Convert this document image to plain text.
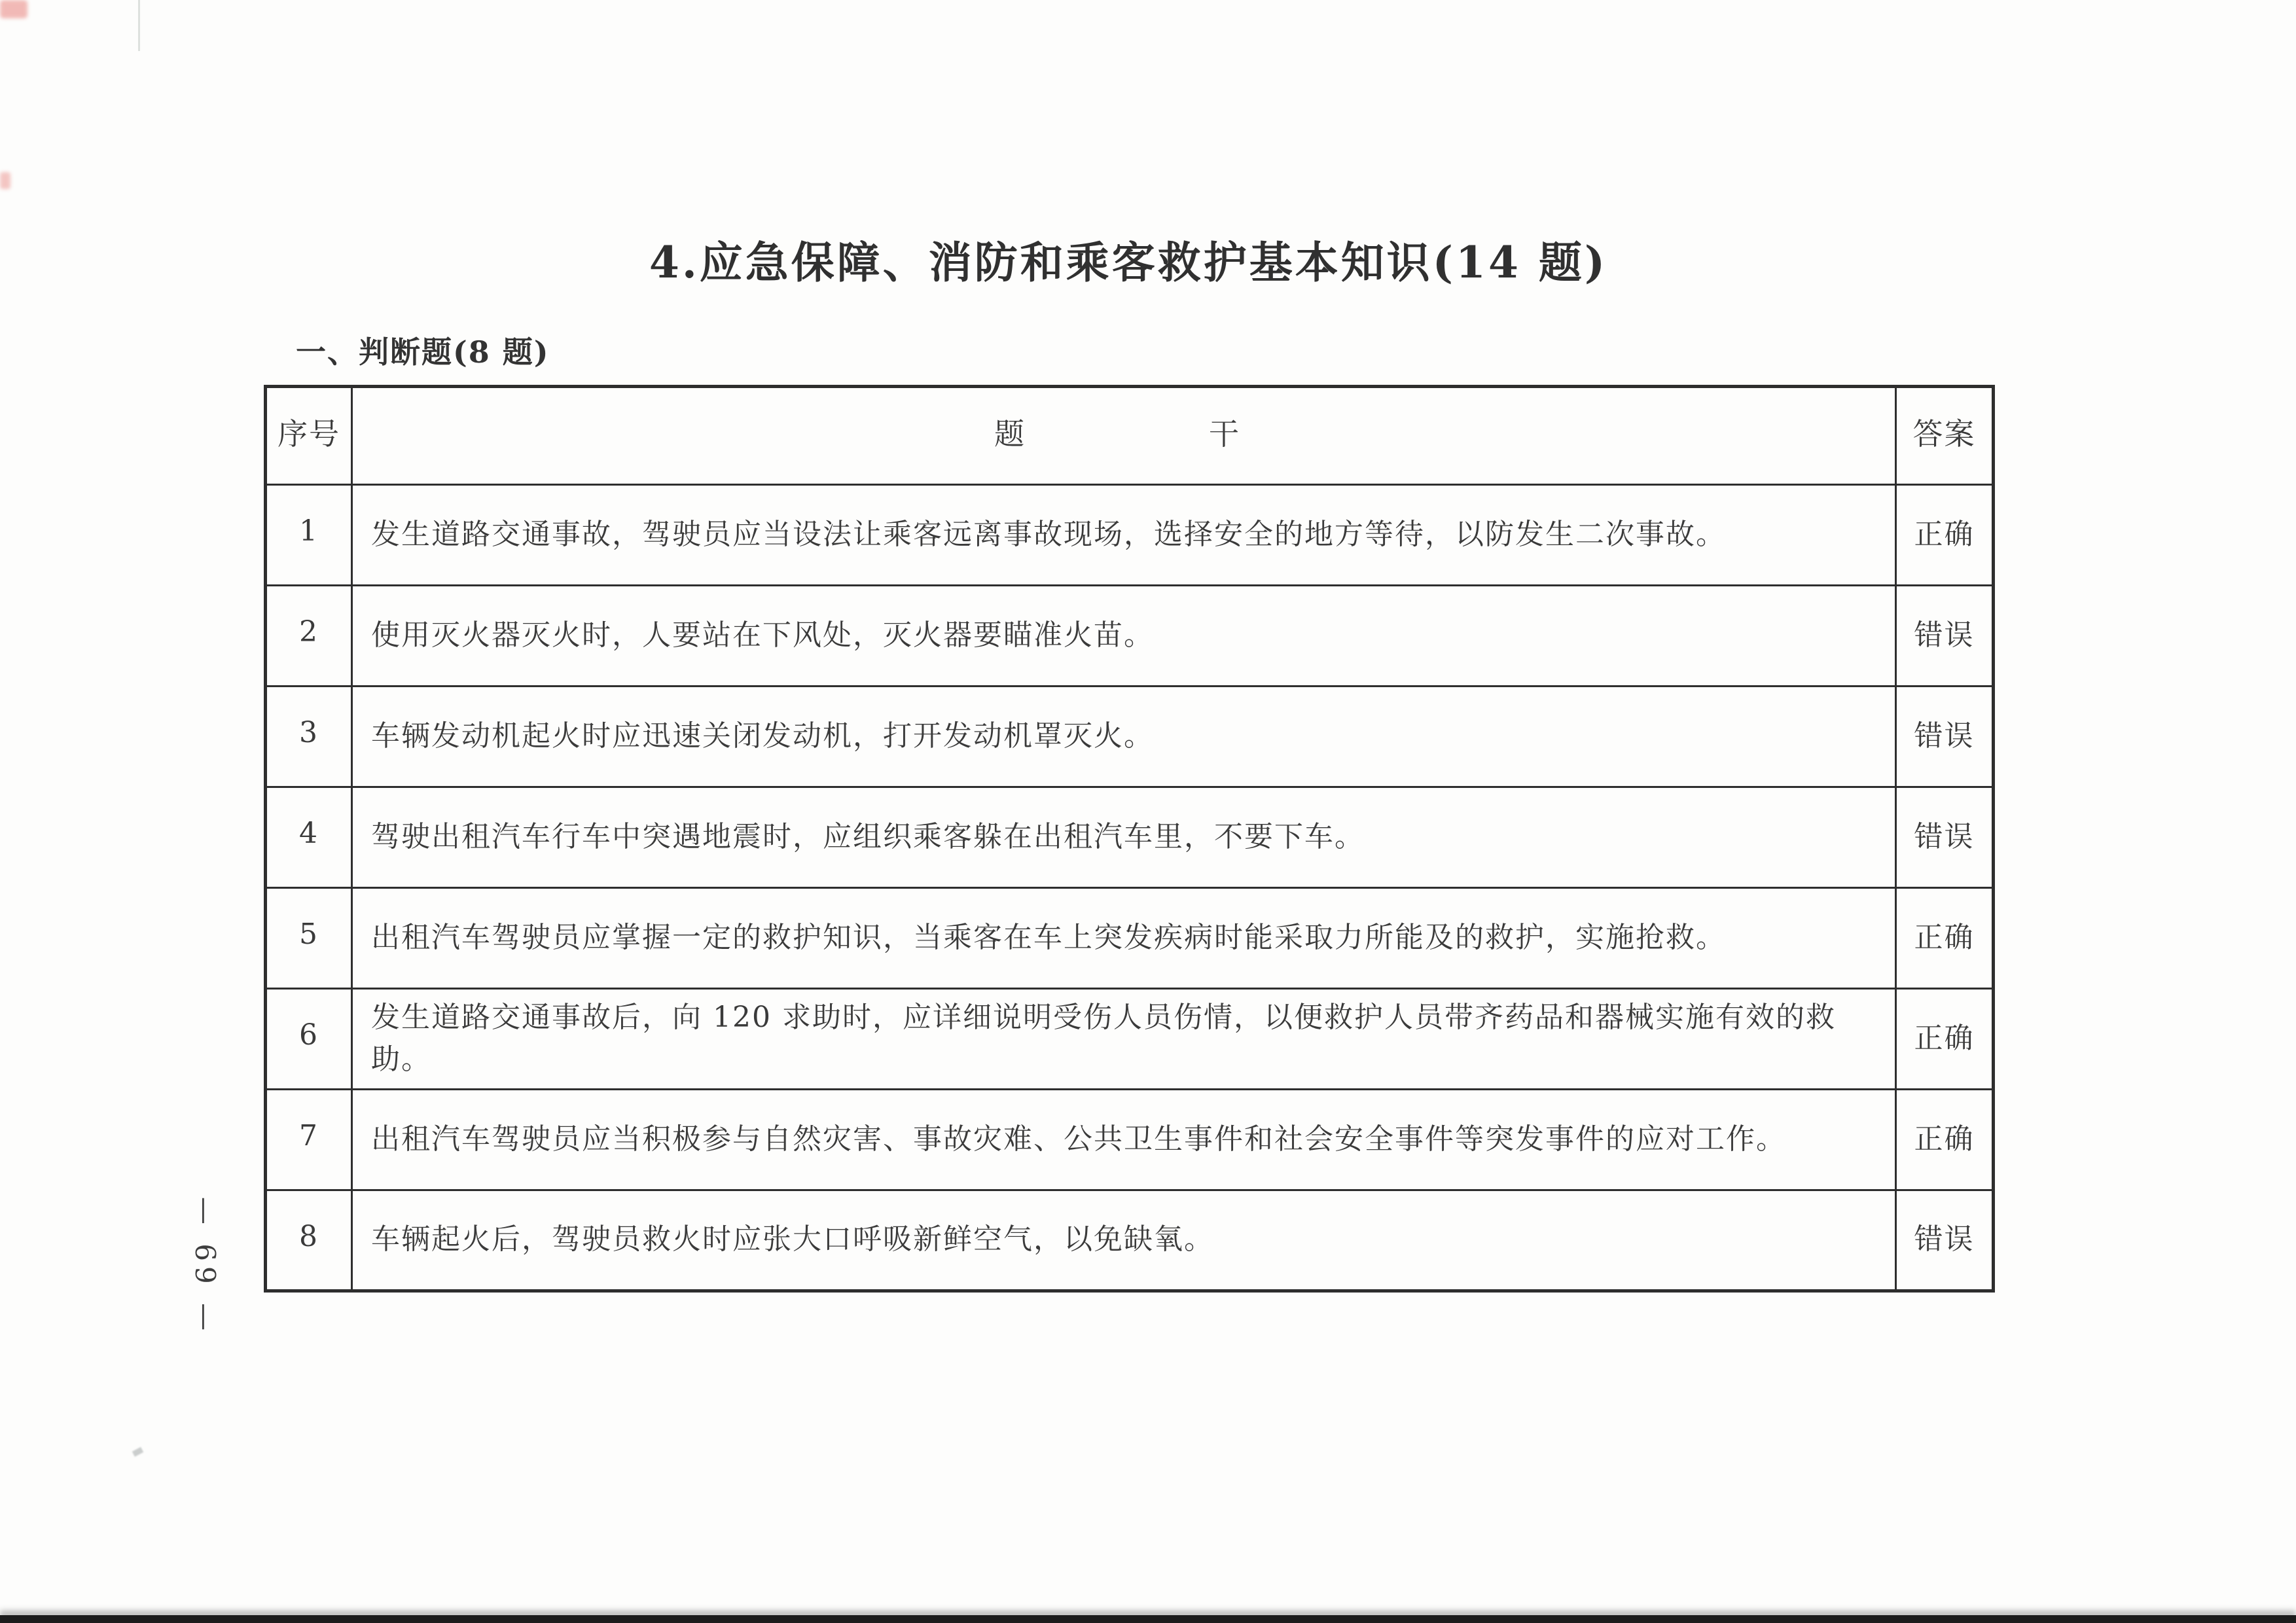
4.应急保障、消防和乘客救护基本知识(14 题)
一、判断题(8 题)
序号	题 干	答案
1	发生道路交通事故，驾驶员应当设法让乘客远离事故现场，选择安全的地方等待，以防发生二次事故。	正确
2	使用灭火器灭火时，人要站在下风处，灭火器要瞄准火苗。	错误
3	车辆发动机起火时应迅速关闭发动机，打开发动机罩灭火。	错误
4	驾驶出租汽车行车中突遇地震时，应组织乘客躲在出租汽车里，不要下车。	错误
5	出租汽车驾驶员应掌握一定的救护知识，当乘客在车上突发疾病时能采取力所能及的救护，实施抢救。	正确
6	发生道路交通事故后，向 120 求助时，应详细说明受伤人员伤情，以便救护人员带齐药品和器械实施有效的救助。	正确
7	出租汽车驾驶员应当积极参与自然灾害、事故灾难、公共卫生事件和社会安全事件等突发事件的应对工作。	正确
8	车辆起火后，驾驶员救火时应张大口呼吸新鲜空气，以免缺氧。	错误
— 69 —
